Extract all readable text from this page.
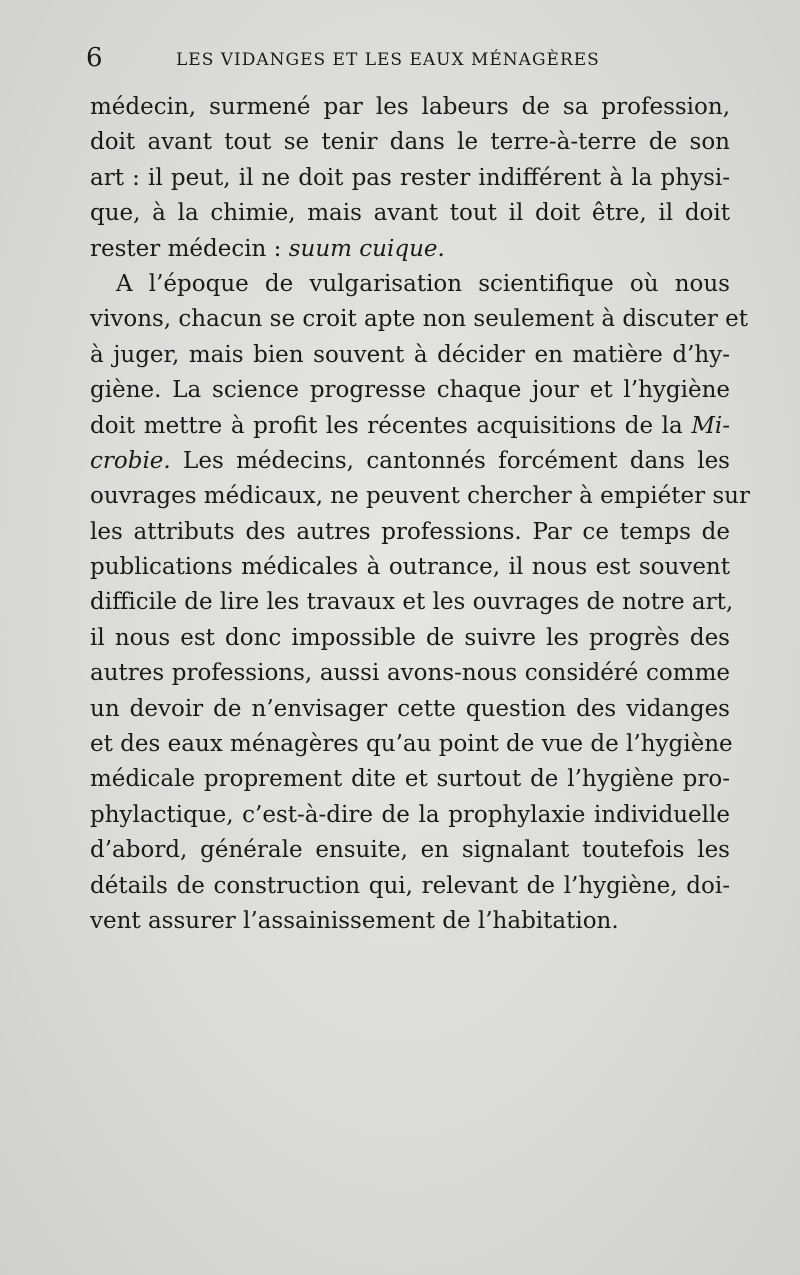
6	LES VIDANGES ET LES EAUX MÉNAGÈRES
médecin, surmené par les labeurs de sa profession,
doit avant tout se tenir dans le terre-à-terre de son
art : il peut, il ne doit pas rester indifférent à la physi-
que, à la chimie, mais avant tout il doit être, il doit
rester médecin : suum cuique.
A l’époque de vulgarisation scientifique où nous
vivons, chacun se croit apte non seulement à discuter et
à juger, mais bien souvent à décider en matière d’hy-
giène. La science progresse chaque jour et l’hygiène
doit mettre à profit les récentes acquisitions de la Mi-
crobie. Les médecins, cantonnés forcément dans les
ouvrages médicaux, ne peuvent chercher à empiéter sur
les attributs des autres professions. Par ce temps de
publications médicales à outrance, il nous est souvent
difficile de lire les travaux et les ouvrages de notre art,
il nous est donc impossible de suivre les progrès des
autres professions, aussi avons-nous considéré comme
un devoir de n’envisager cette question des vidanges
et des eaux ménagères qu’au point de vue de l’hygiène
médicale proprement dite et surtout de l’hygiène pro-
phylactique, c’est-à-dire de la prophylaxie individuelle
d’abord, générale ensuite, en signalant toutefois les
détails de construction qui, relevant de l’hygiène, doi-
vent assurer l’assainissement de l’habitation.
